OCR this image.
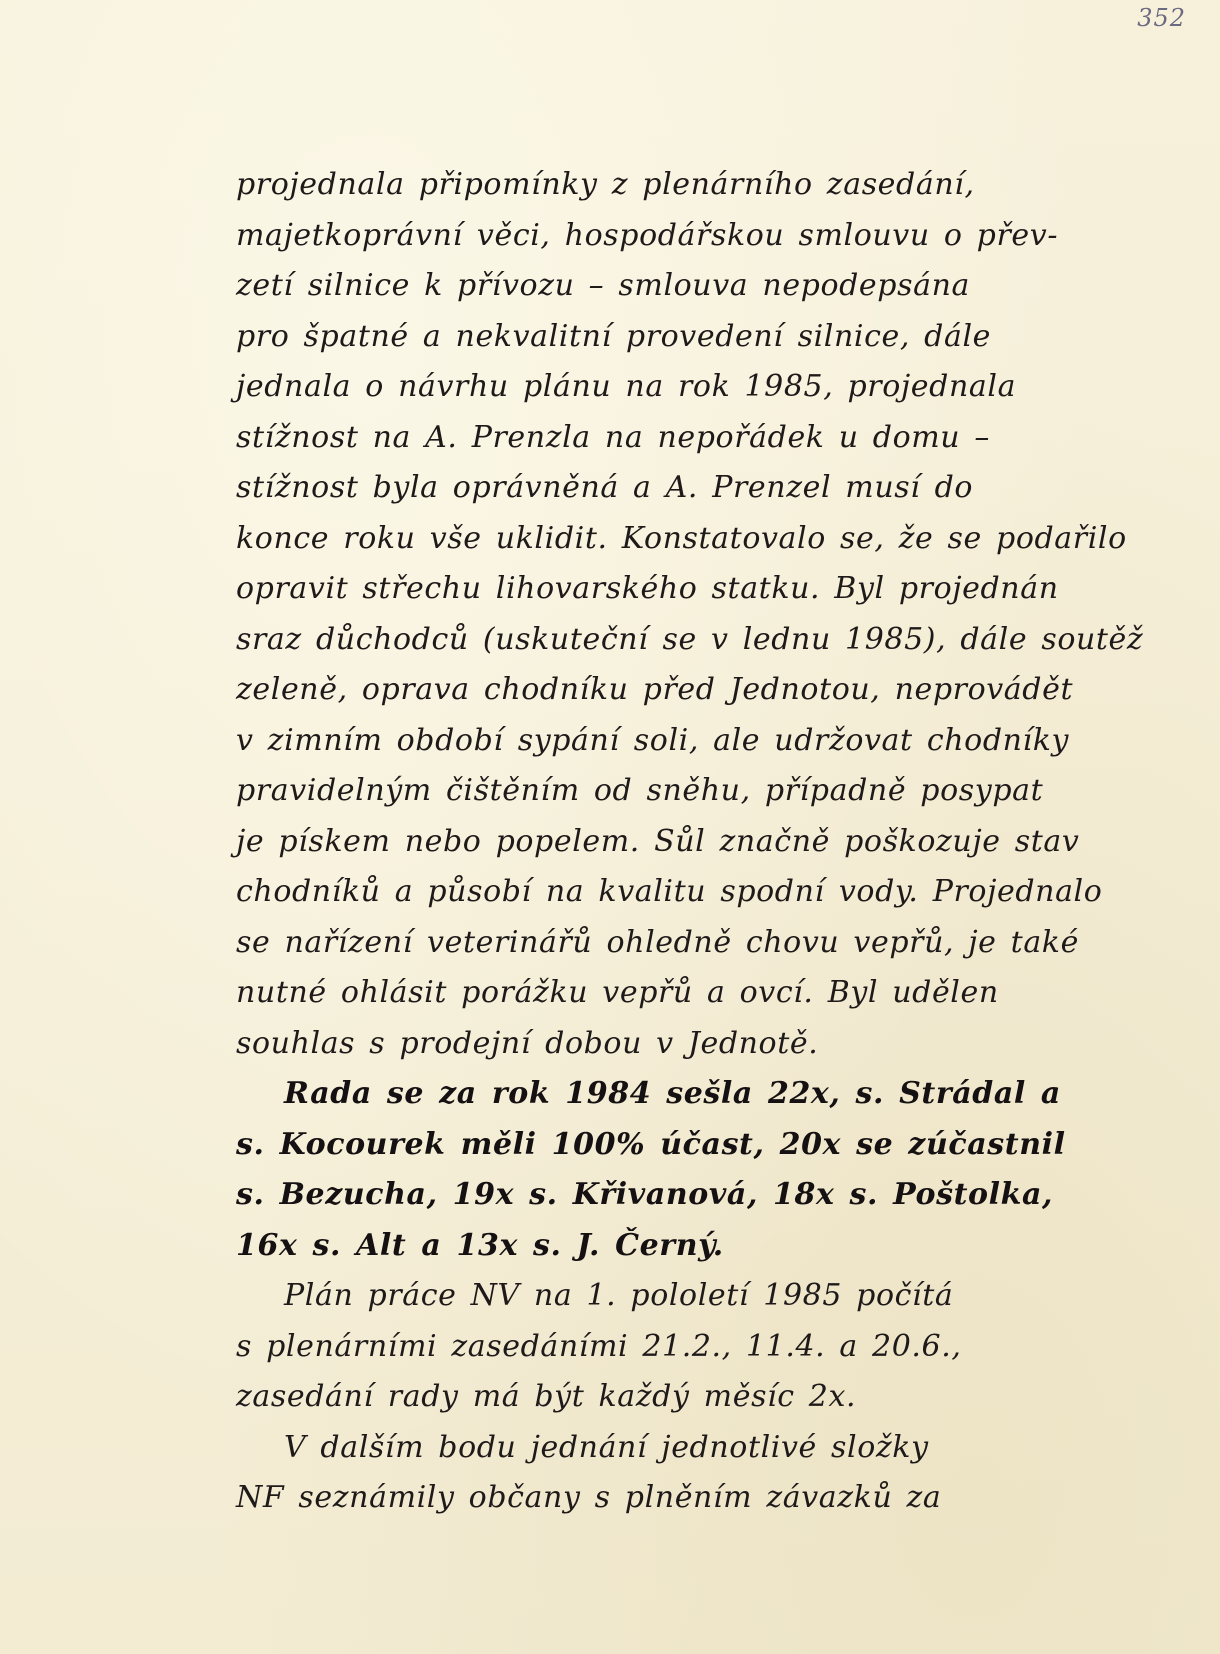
352
projednala připomínky z plenárního zasedání,
majetkoprávní věci, hospodářskou smlouvu o přev-
zetí silnice k přívozu – smlouva nepodepsána
pro špatné a nekvalitní provedení silnice, dále
jednala o návrhu plánu na rok 1985, projednala
stížnost na A. Prenzla na nepořádek u domu –
stížnost byla oprávněná a A. Prenzel musí do
konce roku vše uklidit. Konstatovalo se, že se podařilo
opravit střechu lihovarského statku. Byl projednán
sraz důchodců (uskuteční se v lednu 1985), dále soutěž
zeleně, oprava chodníku před Jednotou, neprovádět
v zimním období sypání soli, ale udržovat chodníky
pravidelným čištěním od sněhu, případně posypat
je pískem nebo popelem. Sůl značně poškozuje stav
chodníků a působí na kvalitu spodní vody. Projednalo
se nařízení veterinářů ohledně chovu vepřů, je také
nutné ohlásit porážku vepřů a ovcí. Byl udělen
souhlas s prodejní dobou v Jednotě.
Rada se za rok 1984 sešla 22x, s. Strádal a
s. Kocourek měli 100% účast, 20x se zúčastnil
s. Bezucha, 19x s. Křivanová, 18x s. Poštolka,
16x s. Alt a 13x s. J. Černý.
Plán práce NV na 1. pololetí 1985 počítá
s plenárními zasedáními 21.2., 11.4. a 20.6.,
zasedání rady má být každý měsíc 2x.
V dalším bodu jednání jednotlivé složky
NF seznámily občany s plněním závazků za
